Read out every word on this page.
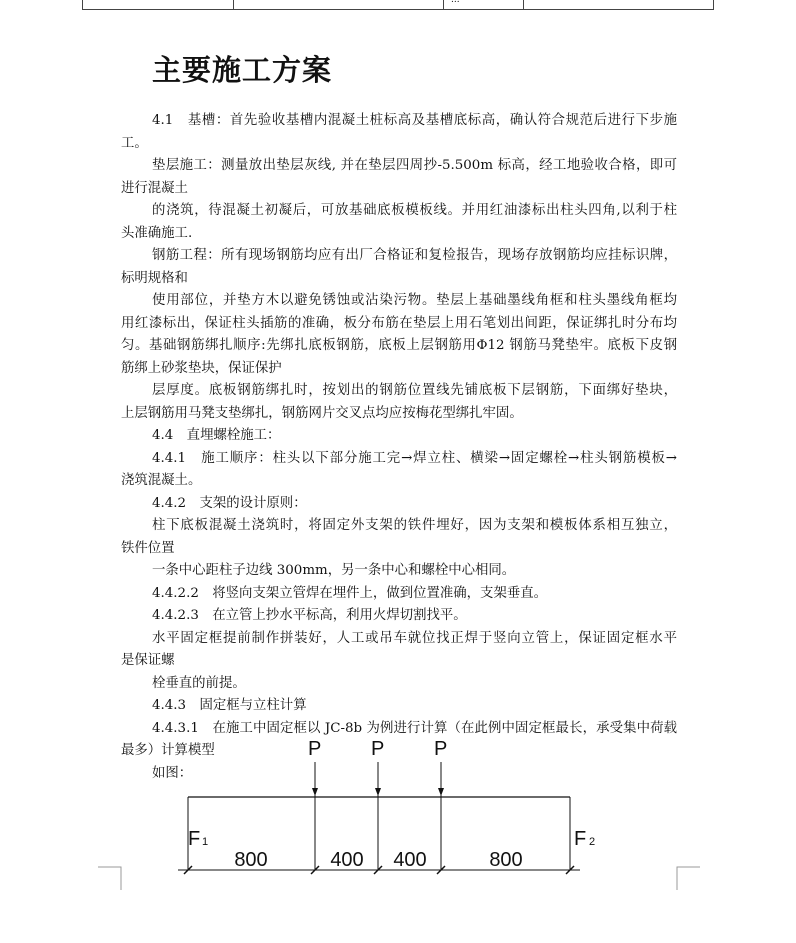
...
主要施工方案

4.1　基槽：首先验收基槽内混凝土桩标高及基槽底标高，确认符合规范后进行下步施

工。

垫层施工：测量放出垫层灰线, 并在垫层四周抄-5.500m 标高，经工地验收合格，即可

进行混凝土

的浇筑，待混凝土初凝后，可放基础底板模板线。并用红油漆标出柱头四角,以利于柱

头准确施工.

钢筋工程：所有现场钢筋均应有出厂合格证和复检报告，现场存放钢筋均应挂标识牌，

标明规格和

使用部位，并垫方木以避免锈蚀或沾染污物。垫层上基础墨线角框和柱头墨线角框均

用红漆标出，保证柱头插筋的准确，板分布筋在垫层上用石笔划出间距，保证绑扎时分布均

匀。基础钢筋绑扎顺序:先绑扎底板钢筋，底板上层钢筋用Φ12 钢筋马凳垫牢。底板下皮钢

筋绑上砂浆垫块，保证保护

层厚度。底板钢筋绑扎时，按划出的钢筋位置线先铺底板下层钢筋，下面绑好垫块，

上层钢筋用马凳支垫绑扎，钢筋网片交叉点均应按梅花型绑扎牢固。

4.4　直埋螺栓施工：

4.4.1　施工顺序：柱头以下部分施工完→焊立柱、横梁→固定螺栓→柱头钢筋模板→

浇筑混凝土。

4.4.2　支架的设计原则：

柱下底板混凝土浇筑时，将固定外支架的铁件埋好，因为支架和模板体系相互独立，

铁件位置

一条中心距柱子边线 300mm，另一条中心和螺栓中心相同。

4.4.2.2　将竖向支架立管焊在埋件上，做到位置准确，支架垂直。

4.4.2.3　在立管上抄水平标高，利用火焊切割找平。

水平固定框提前制作拼装好，人工或吊车就位找正焊于竖向立管上，保证固定框水平

是保证螺

栓垂直的前提。

4.4.3　固定框与立柱计算

4.4.3.1　在施工中固定框以 JC-8b 为例进行计算（在此例中固定框最长，承受集中荷载

最多）计算模型

如图：

P P P
F 1	F 2
800	400 400	800
